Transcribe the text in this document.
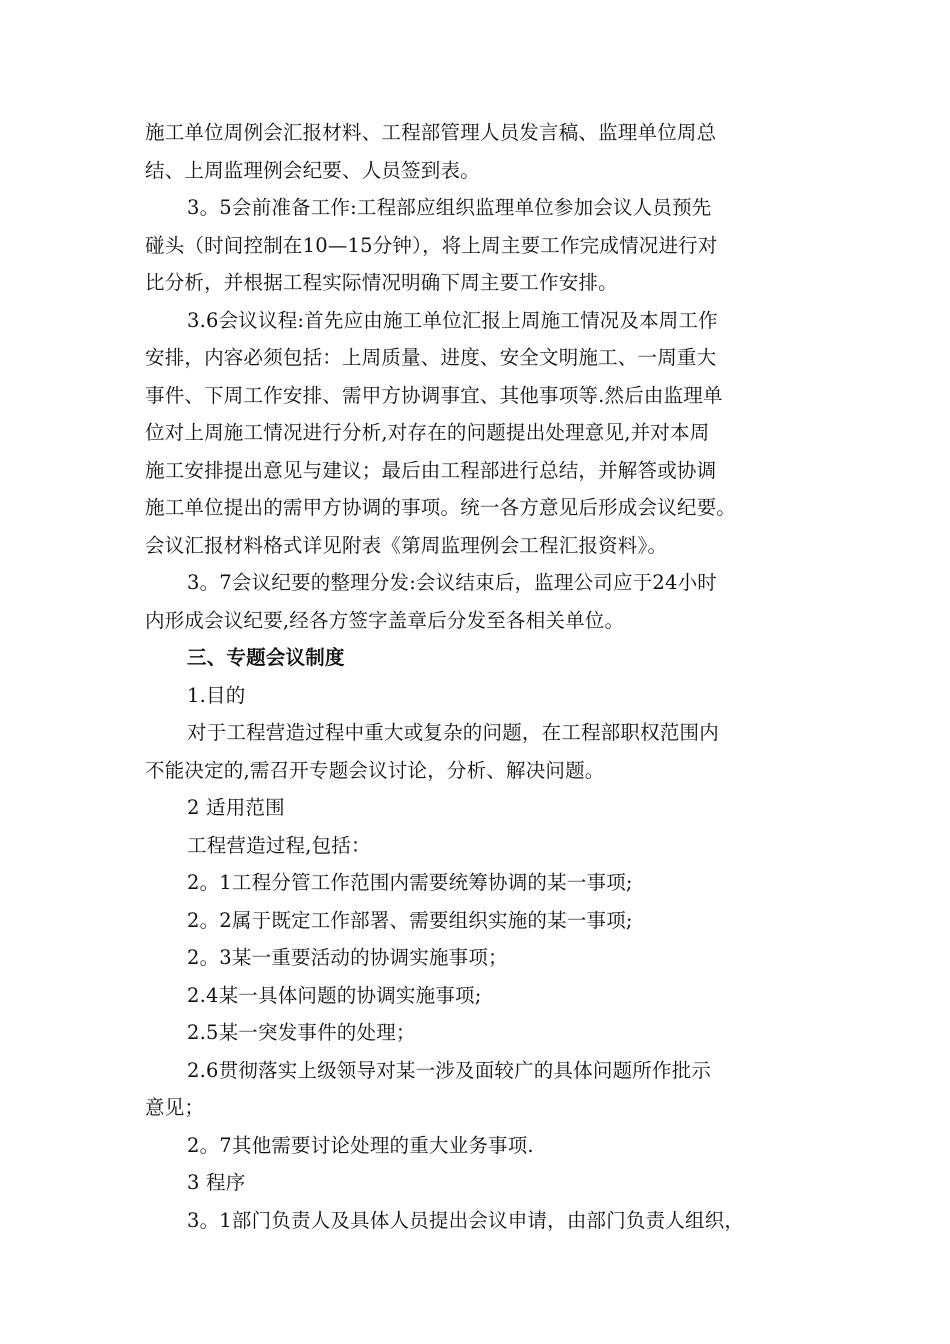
施工单位周例会汇报材料、工程部管理人员发言稿、监理单位周总
结、上周监理例会纪要、人员签到表。
3。5会前准备工作:工程部应组织监理单位参加会议人员预先
碰头（时间控制在10—15分钟），将上周主要工作完成情况进行对
比分析，并根据工程实际情况明确下周主要工作安排。
3.6会议议程:首先应由施工单位汇报上周施工情况及本周工作
安排，内容必须包括：上周质量、进度、安全文明施工、一周重大
事件、下周工作安排、需甲方协调事宜、其他事项等.然后由监理单
位对上周施工情况进行分析,对存在的问题提出处理意见,并对本周
施工安排提出意见与建议；最后由工程部进行总结，并解答或协调
施工单位提出的需甲方协调的事项。统一各方意见后形成会议纪要。
会议汇报材料格式详见附表《第周监理例会工程汇报资料》。
3。7会议纪要的整理分发:会议结束后，监理公司应于24小时
内形成会议纪要,经各方签字盖章后分发至各相关单位。
三、专题会议制度
1.目的
对于工程营造过程中重大或复杂的问题，在工程部职权范围内
不能决定的,需召开专题会议讨论，分析、解决问题。
2 适用范围
工程营造过程,包括：
2。1工程分管工作范围内需要统筹协调的某一事项;
2。2属于既定工作部署、需要组织实施的某一事项;
2。3某一重要活动的协调实施事项；
2.4某一具体问题的协调实施事项;
2.5某一突发事件的处理；
2.6贯彻落实上级领导对某一涉及面较广的具体问题所作批示
意见；
2。7其他需要讨论处理的重大业务事项.
3 程序
3。1部门负责人及具体人员提出会议申请，由部门负责人组织，
